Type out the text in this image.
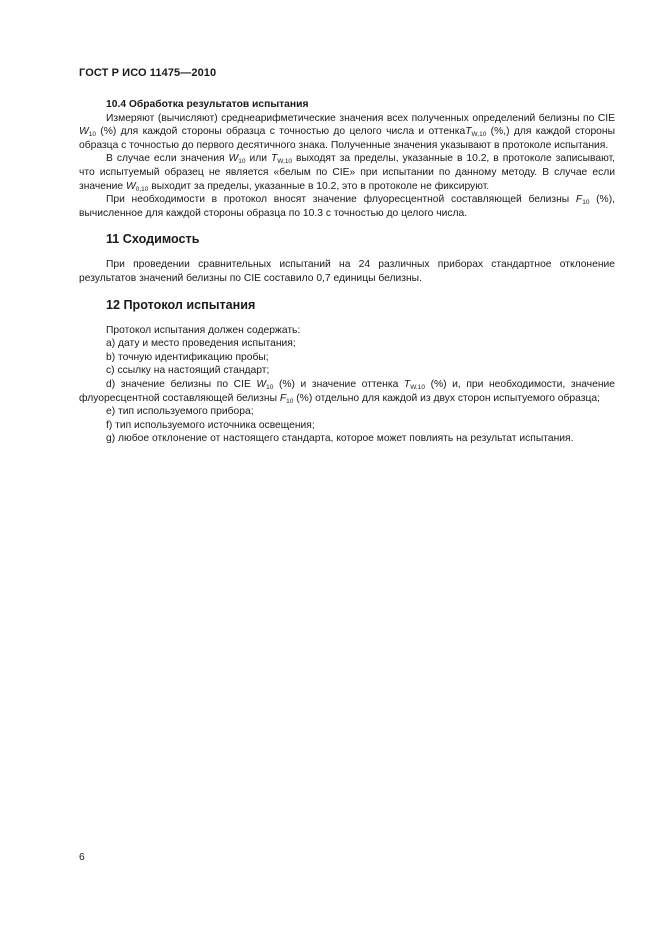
ГОСТ Р ИСО 11475—2010

10.4 Обработка результатов испытания

Измеряют (вычисляют) среднеарифметические значения всех полученных определений белизны по CIE $W_{10}$ (%) для каждой стороны образца с точностью до целого числа и оттенкаT$_{W,10}$ (%,) для каждой стороны образца с точностью до первого десятичного знака. Полученные значения указывают в протоколе испытания.

В случае если значения $W_{10}$ или $T_{W,10}$ выходят за пределы, указанные в 10.2, в протоколе записывают, что испытуемый образец не является «белым по CIE» при испытании по данному методу. В случае если значение $W_{0,10}$ выходит за пределы, указанные в 10.2, это в протоколе не фиксируют.

При необходимости в протокол вносят значение флуоресцентной составляющей белизны $F_{10}$ (%), вычисленное для каждой стороны образца по 10.3 с точностью до целого числа.

11 Сходимость

При проведении сравнительных испытаний на 24 различных приборах стандартное отклонение результатов значений белизны по CIE составило 0,7 единицы белизны.

12 Протокол испытания

Протокол испытания должен содержать:

a) дату и место проведения испытания;

b) точную идентификацию пробы;

c) ссылку на настоящий стандарт;

d) значение белизны по CIE $W_{10}$ (%) и значение оттенка $T_{W,10}$ (%) и, при необходимости, значение флуоресцентной составляющей белизны $F_{10}$ (%) отдельно для каждой из двух сторон испытуемого образца;

e) тип используемого прибора;

f) тип используемого источника освещения;

g) любое отклонение от настоящего стандарта, которое может повлиять на результат испытания.

6
